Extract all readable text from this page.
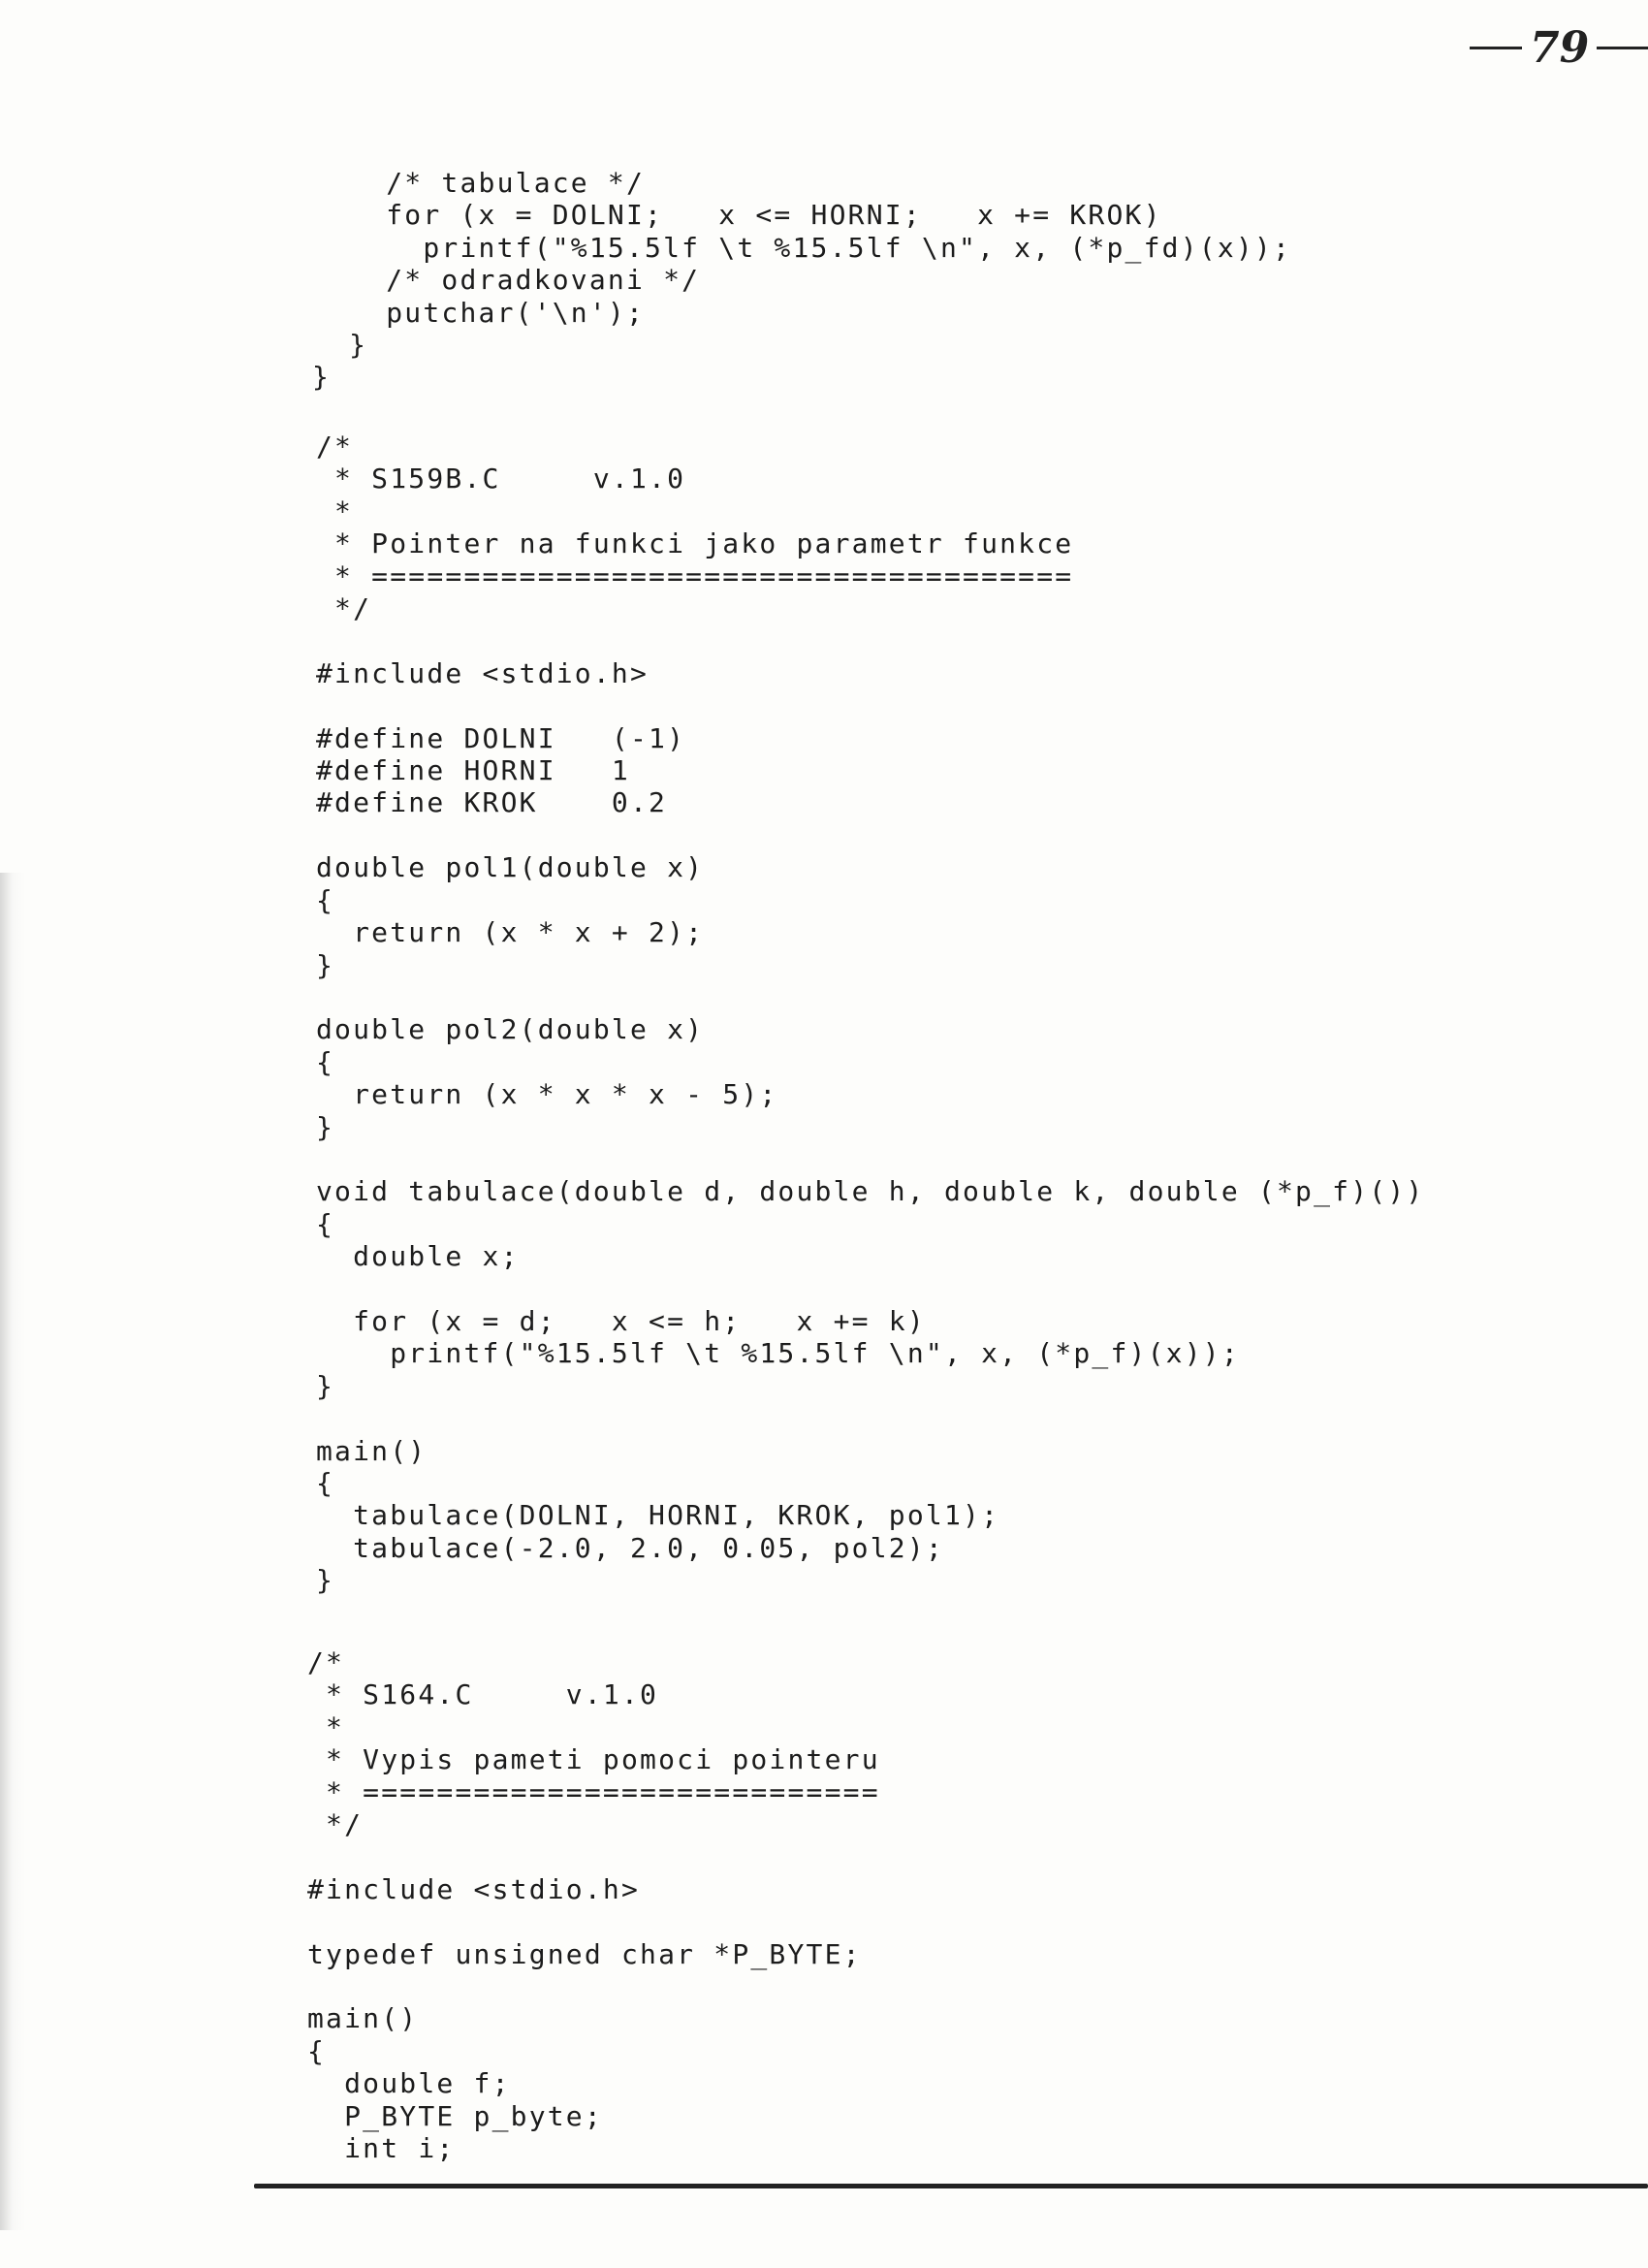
79
/* tabulace */
for (x = DOLNI;   x <= HORNI;   x += KROK)
printf("%15.5lf \t %15.5lf \n", x, (*p_fd)(x));
/* odradkovani */
putchar('\n');
}
}
/*
* S159B.C     v.1.0
*
* Pointer na funkci jako parametr funkce
* ======================================
*/

#include <stdio.h>

#define DOLNI   (-1)
#define HORNI   1
#define KROK    0.2

double pol1(double x)
{
return (x * x + 2);
}

double pol2(double x)
{
return (x * x * x - 5);
}

void tabulace(double d, double h, double k, double (*p_f)())
{
double x;

for (x = d;   x <= h;   x += k)
printf("%15.5lf \t %15.5lf \n", x, (*p_f)(x));
}

main()
{
tabulace(DOLNI, HORNI, KROK, pol1);
tabulace(-2.0, 2.0, 0.05, pol2);
}
/*
* S164.C     v.1.0
*
* Vypis pameti pomoci pointeru
* ============================
*/

#include <stdio.h>

typedef unsigned char *P_BYTE;

main()
{
double f;
P_BYTE p_byte;
int i;
